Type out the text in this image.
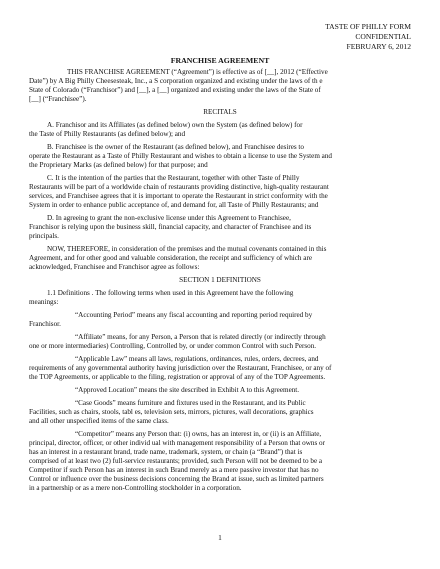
TASTE OF PHILLY FORM
CONFIDENTIAL
FEBRUARY 6, 2012
FRANCHISE AGREEMENT
THIS FRANCHISE AGREEMENT (“Agreement”) is effective as of [__], 2012 (“Effective
Date”) by A Big Philly Cheesesteak, Inc., a S corporation organized and existing under the laws of th e
State of Colorado (“Franchisor”) and [__], a [__] organized and existing under the laws of the State of
[__] (“Franchisee”).
RECITALS
A. Franchisor and its Affiliates (as defined below) own the System (as defined below) for
the Taste of Philly Restaurants (as defined below); and
B. Franchisee is the owner of the Restaurant (as defined below), and Franchisee desires to
operate the Restaurant as a Taste of Philly Restaurant and wishes to obtain a license to use the System and
the Proprietary Marks (as defined below) for that purpose; and
C. It is the intention of the parties that the Restaurant, together with other Taste of Philly
Restaurants will be part of a worldwide chain of restaurants providing distinctive, high-quality restaurant
services, and Franchisee agrees that it is important to operate the Restaurant in strict conformity with the
System in order to enhance public acceptance of, and demand for, all Taste of Philly Restaurants; and
D. In agreeing to grant the non-exclusive license under this Agreement to Franchisee,
Franchisor is relying upon the business skill, financial capacity, and character of Franchisee and its
principals.
NOW, THEREFORE, in consideration of the premises and the mutual covenants contained in this
Agreement, and for other good and valuable consideration, the receipt and sufficiency of which are
acknowledged, Franchisee and Franchisor agree as follows:
SECTION 1 DEFINITIONS
1.1 Definitions . The following terms when used in this Agreement have the following
meanings:
“Accounting Period” means any fiscal accounting and reporting period required by
Franchisor.
“Affiliate” means, for any Person, a Person that is related directly (or indirectly through
one or more intermediaries) Controlling, Controlled by, or under common Control with such Person.
“Applicable Law” means all laws, regulations, ordinances, rules, orders, decrees, and
requirements of any governmental authority having jurisdiction over the Restaurant, Franchisee, or any of
the TOP Agreements, or applicable to the filing, registration or approval of any of the TOP Agreements.
“Approved Location” means the site described in Exhibit A to this Agreement.
“Case Goods” means furniture and fixtures used in the Restaurant, and its Public
Facilities, such as chairs, stools, tabl es, television sets, mirrors, pictures, wall decorations, graphics
and all other unspecified items of the same class.
“Competitor” means any Person that: (i) owns, has an interest in, or (ii) is an Affiliate,
principal, director, officer, or other individ ual with management responsibility of a Person that owns or
has an interest in a restaurant brand, trade name, trademark, system, or chain (a “Brand”) that is
comprised of at least two (2) full-service restaurants; provided, such Person will not be deemed to be a
Competitor if such Person has an interest in such Brand merely as a mere passive investor that has no
Control or influence over the business decisions concerning the Brand at issue, such as limited partners
in a partnership or as a mere non-Controlling stockholder in a corporation.
1
